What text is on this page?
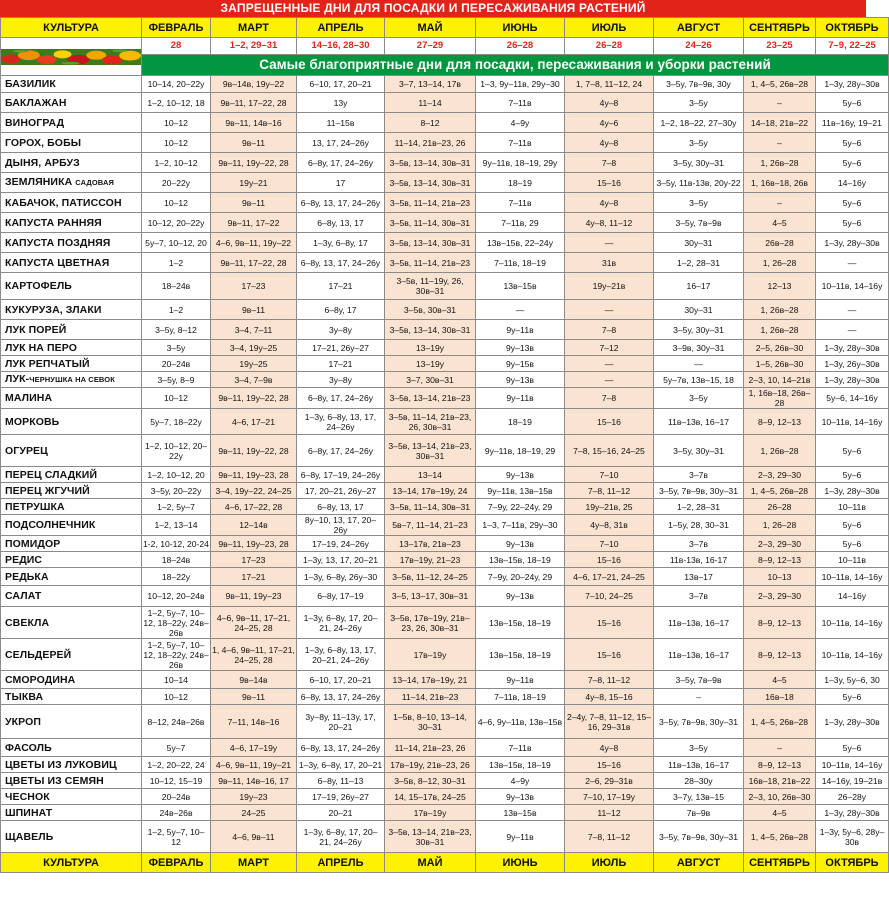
ЗАПРЕЩЕННЫЕ ДНИ ДЛЯ ПОСАДКИ И ПЕРЕСАЖИВАНИЯ РАСТЕНИЙ
КУЛЬТУРА	ФЕВРАЛЬ	МАРТ	АПРЕЛЬ	МАЙ	ИЮНЬ	ИЮЛЬ	АВГУСТ	СЕНТЯБРЬ	ОКТЯБРЬ

	28	1–2, 29–31	14–16, 28–30	27–29	26–28	26–28	24–26	23–25	7–9, 22–25
	Самые благоприятные дни для посадки, пересаживания и уборки растений								
БАЗИЛИК	10–14, 20–22у	9в–14в, 19у–22	6–10, 17, 20–21	3–7, 13–14, 17в	1–3, 9у–11в, 29у–30	1, 7–8, 11–12, 24	3–5у, 7в–9в, 30у	1, 4–5, 26в–28	1–3у, 28у–30в
БАКЛАЖАН	1–2, 10–12, 18	9в–11, 17–22, 28	13у	11–14	7–11в	4у–8	3–5у	–	5у–6
ВИНОГРАД	10–12	9в–11, 14в–16	11–15в	8–12	4–9у	4у–6	1–2, 18–22, 27–30у	14–18, 21в–22	11в–16у, 19–21
ГОРОХ, БОБЫ	10–12	9в–11	13, 17, 24–26у	11–14, 21в–23, 26	7–11в	4у–8	3–5у	–	5у–6
ДЫНЯ, АРБУЗ	1–2, 10–12	9в–11, 19у–22, 28	6–8у, 17, 24–26у	3–5в, 13–14, 30в–31	9у–11в, 18–19, 29у	7–8	3–5у, 30у–31	1, 26в–28	5у–6
ЗЕМЛЯНИКА САДОВАЯ	20–22у	19у–21	17	3–5в, 13–14, 30в–31	18–19	15–16	3–5у, 11в-13в, 20у-22	1, 16в–18, 26в	14–16у
КАБАЧОК, ПАТИССОН	10–12	9в–11	6–8у, 13, 17, 24–26у	3–5в, 11–14, 21в–23	7–11в	4у–8	3–5у	–	5у–6
КАПУСТА РАННЯЯ	10–12, 20–22у	9в–11, 17–22	6–8у, 13, 17	3–5в, 11–14, 30в–31	7–11в, 29	4у–8, 11–12	3–5у, 7в–9в	4–5	5у–6
КАПУСТА ПОЗДНЯЯ	5у–7, 10–12, 20	4–6, 9в–11, 19у–22	1–3у, 6–8у, 17	3–5в, 13–14, 30в–31	13в–15в, 22–24у	—	30у–31	26в–28	1–3у, 28у–30в
КАПУСТА ЦВЕТНАЯ	1–2	9в–11, 17–22, 28	6–8у, 13, 17, 24–26у	3–5в, 11–14, 21в–23	7–11в, 18–19	31в	1–2, 28–31	1, 26–28	—
КАРТОФЕЛЬ	18–24в	17–23	17–21	3–5в, 11–19у, 26, 30в–31	13в–15в	19у–21в	16–17	12–13	10–11в, 14–16у
КУКУРУЗА, ЗЛАКИ	1–2	9в–11	6–8у, 17	3–5в, 30в–31	—	—	30у–31	1, 26в–28	—
ЛУК ПОРЕЙ	3–5у, 8–12	3–4, 7–11	3у–8у	3–5в, 13–14, 30в–31	9у–11в	7–8	3–5у, 30у–31	1, 26в–28	—
ЛУК НА ПЕРО	3–5у	3–4, 19у–25	17–21, 26у–27	13–19у	9у–13в	7–12	3–9в, 30у–31	2–5, 26в–30	1–3у, 28у–30в
ЛУК РЕПЧАТЫЙ	20–24в	19у–25	17–21	13–19у	9у–15в	—	—	1–5, 26в–30	1–3у, 26у–30в
ЛУК-ЧЕРНУШКА НА СЕВОК	3–5у, 8–9	3–4, 7–9в	3у–8у	3–7, 30в–31	9у–13в	—	5у–7в, 13в–15, 18	2–3, 10, 14–21в	1–3у, 28у–30в
МАЛИНА	10–12	9в–11, 19у–22, 28	6–8у, 17, 24–26у	3–5в, 13–14, 21в–23	9у–11в	7–8	3–5у	1, 16в–18, 26в–28	5у–6, 14–16у
МОРКОВЬ	5у–7, 18–22у	4–6, 17–21	1–3у, 6–8у, 13, 17, 24–26у	3–5в, 11–14, 21в–23, 26, 30в–31	18–19	15–16	11в–13в, 16–17	8–9, 12–13	10–11в, 14–16у
ОГУРЕЦ	1–2, 10–12, 20–22у	9в–11, 19у–22, 28	6–8у, 17, 24–26у	3–5в, 13–14, 21в–23, 30в–31	9у–11в, 18–19, 29	7–8, 15–16, 24–25	3–5у, 30у–31	1, 26в–28	5у–6
ПЕРЕЦ СЛАДКИЙ	1–2, 10–12, 20	9в–11, 19у–23, 28	6–8у, 17–19, 24–26у	13–14	9у–13в	7–10	3–7в	2–3, 29–30	5у–6
ПЕРЕЦ ЖГУЧИЙ	3–5у, 20–22у	3–4, 19у–22, 24–25	17, 20–21, 26у–27	13–14, 17в–19у, 24	9у–11в, 13в–15в	7–8, 11–12	3–5у, 7в–9в, 30у–31	1, 4–5, 26в–28	1–3у, 28у–30в
ПЕТРУШКА	1–2, 5у–7	4–6, 17–22, 28	6–8у, 13, 17	3–5в, 11–14, 30в–31	7–9у, 22–24у, 29	19у–21в, 25	1–2, 28–31	26–28	10–11в
ПОДСОЛНЕЧНИК	1–2, 13–14	12–14в	8у–10, 13, 17, 20–26у	5в–7, 11–14, 21–23	1–3, 7–11в, 29у–30	4у–8, 31в	1–5у, 28, 30–31	1, 26–28	5у–6
ПОМИДОР	1-2, 10-12, 20-24	9в–11, 19у–23, 28	17–19, 24–26у	13–17в, 21в–23	9у–13в	7–10	3–7в	2–3, 29–30	5у–6
РЕДИС	18–24в	17–23	1–3у, 13, 17, 20–21	17в–19у, 21–23	13в–15в, 18–19	15–16	11в-13в, 16-17	8–9, 12–13	10–11в
РЕДЬКА	18–22у	17–21	1–3у, 6–8у, 26у–30	3–5в, 11–12, 24–25	7–9у, 20–24у, 29	4–6, 17–21, 24–25	13в–17	10–13	10–11в, 14–16у
САЛАТ	10–12, 20–24в	9в–11, 19у–23	6–8у, 17–19	3–5, 13–17, 30в–31	9у–13в	7–10, 24–25	3–7в	2–3, 29–30	14–16у
СВЕКЛА	1–2, 5у–7, 10–12, 18–22у, 24в–26в	4–6, 9в–11, 17–21, 24–25, 28	1–3у, 6–8у, 17, 20–21, 24–26у	3–5в, 17в–19у, 21в–23, 26, 30в–31	13в–15в, 18–19	15–16	11в–13в, 16–17	8–9, 12–13	10–11в, 14–16у
СЕЛЬДЕРЕЙ	1–2, 5у–7, 10–12, 18–22у, 24в–26в	1, 4–6, 9в–11, 17–21, 24–25, 28	1–3у, 6–8у, 13, 17, 20–21, 24–26у	17в–19у	13в–15в, 18–19	15–16	11в–13в, 16–17	8–9, 12–13	10–11в, 14–16у
СМОРОДИНА	10–14	9в–14в	6–10, 17, 20–21	13–14, 17в–19у, 21	9у–11в	7–8, 11–12	3–5у, 7в–9в	4–5	1–3у, 5у–6, 30
ТЫКВА	10–12	9в–11	6–8у, 13, 17, 24–26у	11–14, 21в–23	7–11в, 18–19	4у–8, 15–16	–	16в–18	5у–6
УКРОП	8–12, 24в–26в	7–11, 14в–16	3у–8у, 11–13у, 17, 20–21	1–5в, 8–10, 13–14, 30–31	4–6, 9у–11в, 13в–15в	2–4у, 7–8, 11–12, 15–16, 29–31в	3–5у, 7в–9в, 30у–31	1, 4–5, 26в–28	1–3у, 28у–30в
ФАСОЛЬ	5у–7	4–6, 17–19у	6–8у, 13, 17, 24–26у	11–14, 21в–23, 26	7–11в	4у–8	3–5у	–	5у–6
ЦВЕТЫ ИЗ ЛУКОВИЦ	1–2, 20–22, 24	4–6, 9в–11, 19у–21	1–3у, 6–8у, 17, 20–21	17в–19у, 21в–23, 26	13в–15в, 18–19	15–16	11в–13в, 16–17	8–9, 12–13	10–11в, 14–16у
ЦВЕТЫ ИЗ СЕМЯН	10–12, 15–19	9в–11, 14в–16, 17	6–8у, 11–13	3–5в, 8–12, 30–31	4–9у	2–6, 29–31в	28–30у	16в–18, 21в–22	14–16у, 19–21в
ЧЕСНОК	20–24в	19у–23	17–19, 26у–27	14, 15–17в, 24–25	9у–13в	7–10, 17–19у	3–7у, 13в–15	2–3, 10, 26в–30	26–28у
ШПИНАТ	24в–26в	24–25	20–21	17в–19у	13в–15в	11–12	7в–9в	4–5	1–3у, 28у–30в
ЩАВЕЛЬ	1–2, 5у–7, 10–12	4–6, 9в–11	1–3у, 6–8у, 17, 20–21, 24–26у	3–5в, 13–14, 21в–23, 30в–31	9у–11в	7–8, 11–12	3–5у, 7в–9в, 30у–31	1, 4–5, 26в–28	1–3у, 5у–6, 28у–30в
КУЛЬТУРА	ФЕВРАЛЬ	МАРТ	АПРЕЛЬ	МАЙ	ИЮНЬ	ИЮЛЬ	АВГУСТ	СЕНТЯБРЬ	ОКТЯБРЬ
